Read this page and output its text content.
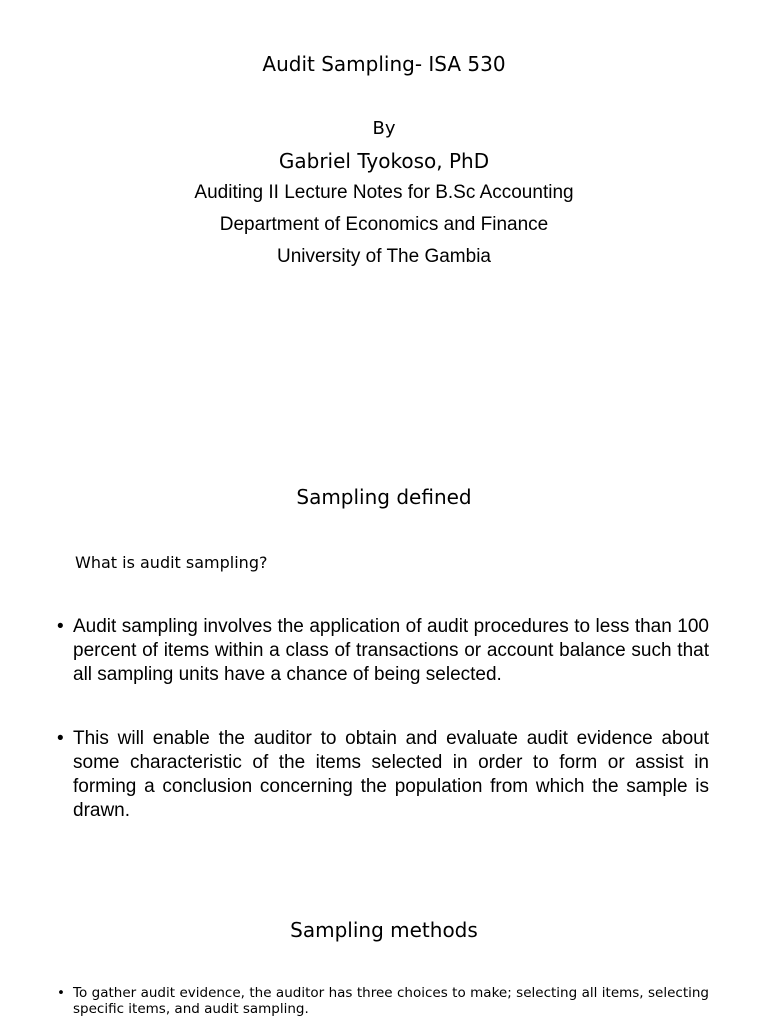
Audit Sampling- ISA 530
By
Gabriel Tyokoso, PhD
Auditing II Lecture Notes for B.Sc Accounting
Department of Economics and Finance
University of The Gambia
Sampling defined
What is audit sampling?
• Audit sampling involves the application of audit procedures to less than 100 percent of items within a class of transactions or account balance such that all sampling units have a chance of being selected.
• This will enable the auditor to obtain and evaluate audit evidence about some characteristic of the items selected in order to form or assist in forming a conclusion concerning the population from which the sample is drawn.
Sampling methods
• To gather audit evidence, the auditor has three choices to make; selecting all items, selecting specific items, and audit sampling.
